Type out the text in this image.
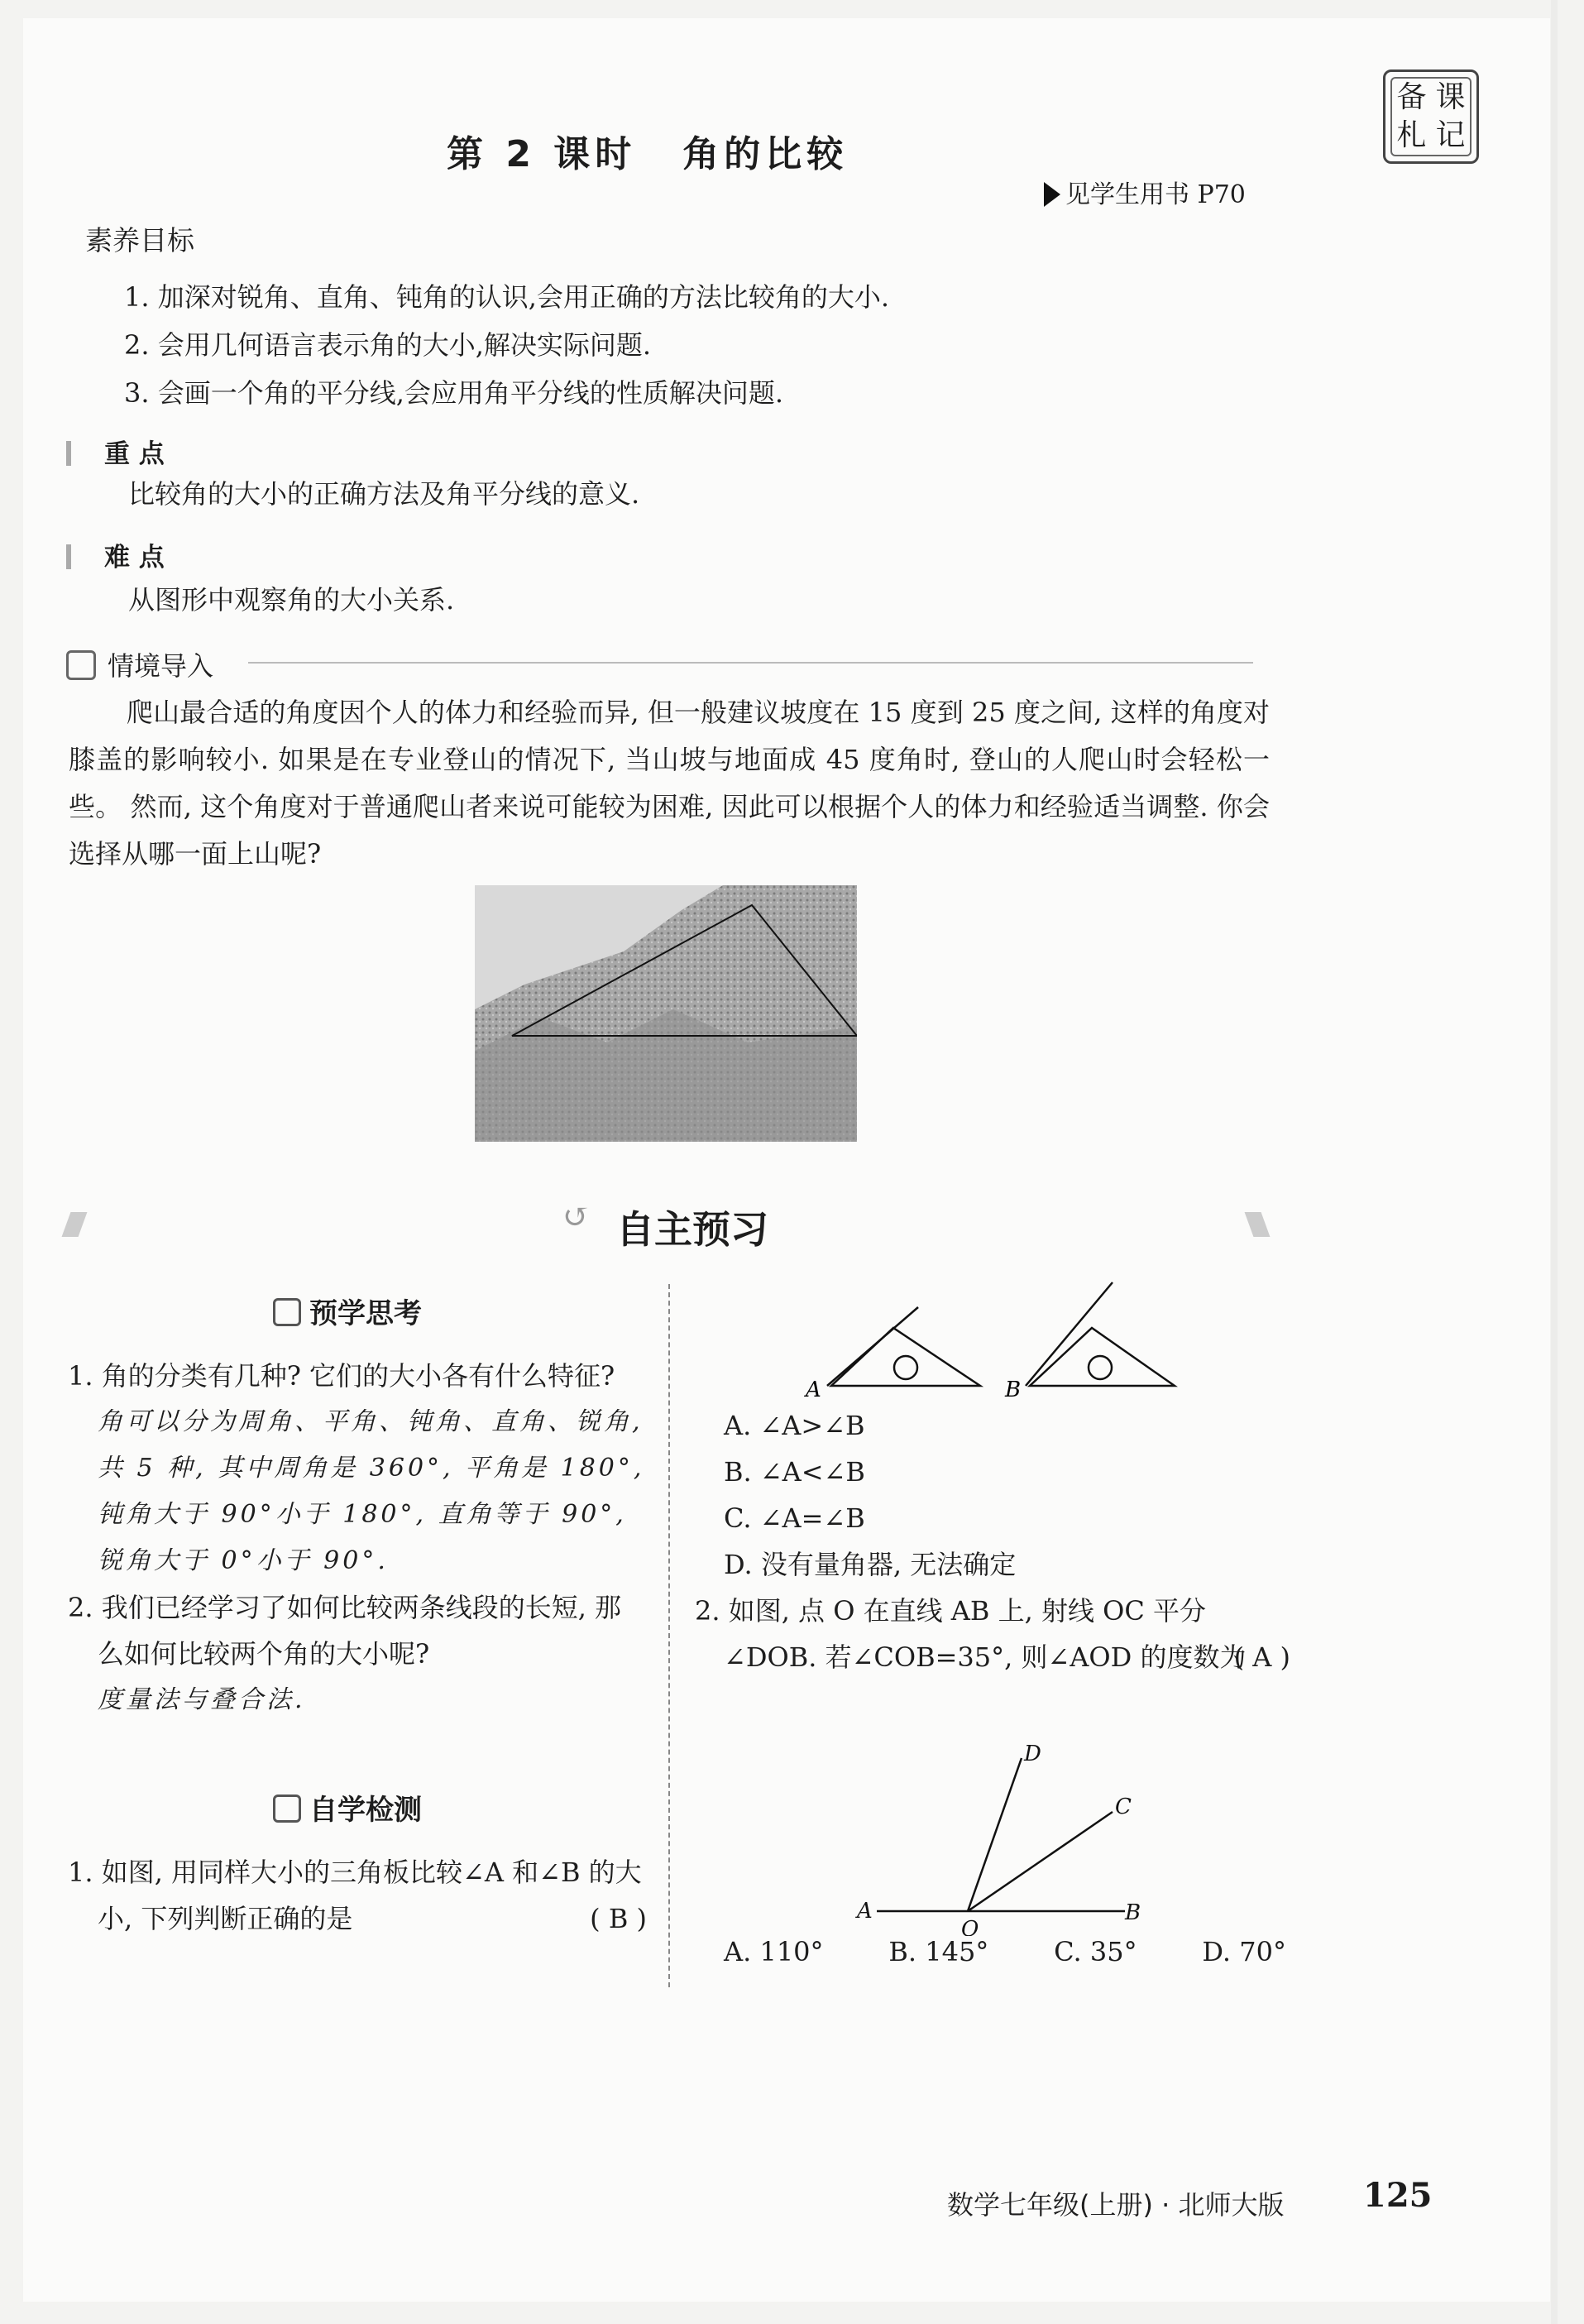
第 2 课时 角的比较
备 课
札 记
见学生用书 P70
素养目标
1. 加深对锐角、直角、钝角的认识,会用正确的方法比较角的大小.
2. 会用几何语言表示角的大小,解决实际问题.
3. 会画一个角的平分线,会应用角平分线的性质解决问题.
重 点
比较角的大小的正确方法及角平分线的意义.
难 点
从图形中观察角的大小关系.
情境导入
爬山最合适的角度因个人的体力和经验而异, 但一般建议坡度在 15 度到 25 度之间, 这样的角度对膝盖的影响较小. 如果是在专业登山的情况下, 当山坡与地面成 45 度角时, 登山的人爬山时会轻松一些。 然而, 这个角度对于普通爬山者来说可能较为困难, 因此可以根据个人的体力和经验适当调整. 你会选择从哪一面上山呢?
↺ 自主预习
预学思考
1. 角的分类有几种? 它们的大小各有什么特征?
角可以分为周角、平角、钝角、直角、锐角, 共 5 种, 其中周角是 360°, 平角是 180°, 钝角大于 90°小于 180°, 直角等于 90°, 锐角大于 0°小于 90°.
2. 我们已经学习了如何比较两条线段的长短, 那么如何比较两个角的大小呢?
度量法与叠合法.
自学检测
1. 如图, 用同样大小的三角板比较∠A 和∠B 的大小, 下列判断正确的是	( B )
A	B
A. ∠A>∠B
B. ∠A<∠B
C. ∠A=∠B
D. 没有量角器, 无法确定
2. 如图, 点 O 在直线 AB 上, 射线 OC 平分∠DOB. 若∠COB=35°, 则∠AOD 的度数为
( A )
D
C
A
O
B
A. 110° B. 145° C. 35° D. 70°
数学七年级(上册) · 北师大版 125
